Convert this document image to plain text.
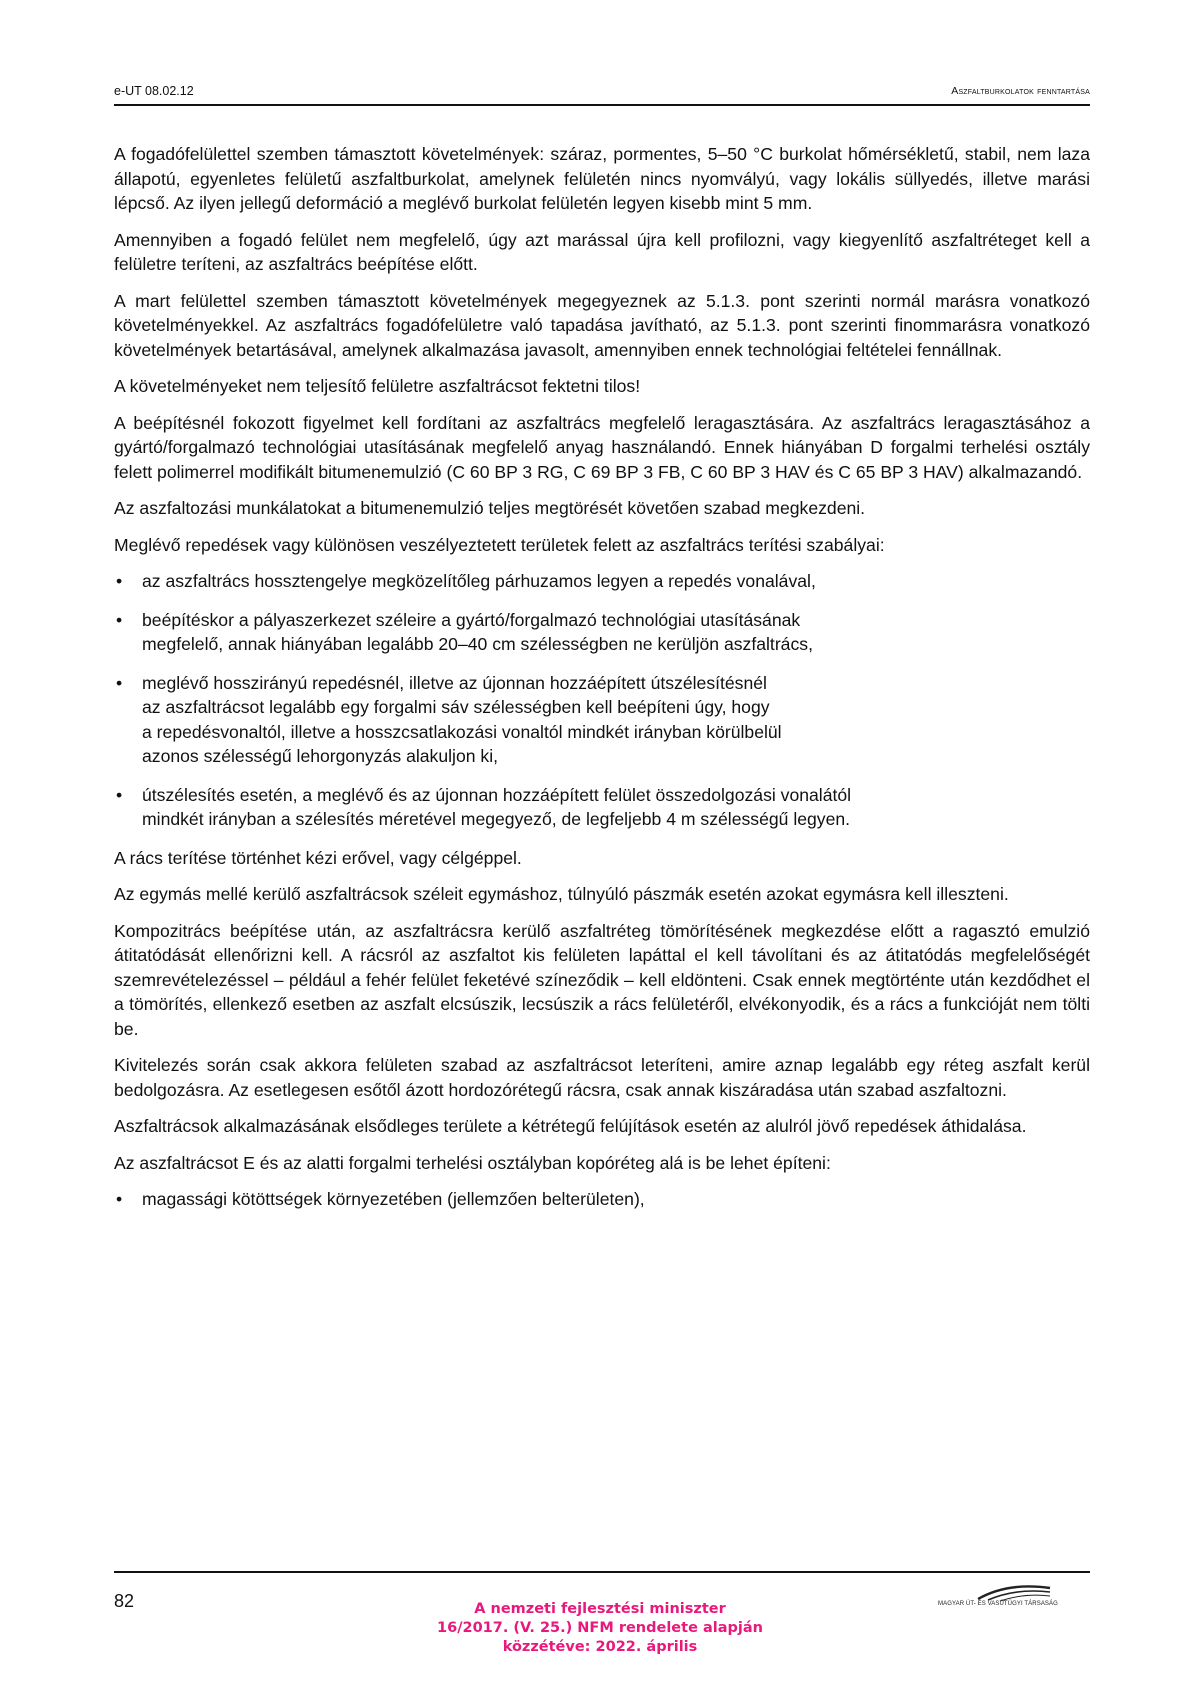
e-UT 08.02.12	Aszfaltburkolatok fenntartása

A fogadófelülettel szemben támasztott követelmények: száraz, pormentes, 5–50 °C burkolat hőmérsékletű, stabil, nem laza állapotú, egyenletes felületű aszfaltburkolat, amelynek felületén nincs nyomvályú, vagy lokális süllyedés, illetve marási lépcső. Az ilyen jellegű deformáció a meglévő burkolat felületén legyen kisebb mint 5 mm.

Amennyiben a fogadó felület nem megfelelő, úgy azt marással újra kell profilozni, vagy kiegyenlítő aszfaltréteget kell a felületre teríteni, az aszfaltrács beépítése előtt.

A mart felülettel szemben támasztott követelmények megegyeznek az 5.1.3. pont szerinti normál marásra vonatkozó követelményekkel. Az aszfaltrács fogadófelületre való tapadása javítható, az 5.1.3. pont szerinti finommarásra vonatkozó követelmények betartásával, amelynek alkalmazása javasolt, amennyiben ennek technológiai feltételei fennállnak.

A követelményeket nem teljesítő felületre aszfaltrácsot fektetni tilos!

A beépítésnél fokozott figyelmet kell fordítani az aszfaltrács megfelelő leragasztására. Az aszfaltrács leragasztásához a gyártó/forgalmazó technológiai utasításának megfelelő anyag használandó. Ennek hiányában D forgalmi terhelési osztály felett polimerrel modifikált bitumenemulzió (C 60 BP 3 RG, C 69 BP 3 FB, C 60 BP 3 HAV és C 65 BP 3 HAV) alkalmazandó.

Az aszfaltozási munkálatokat a bitumenemulzió teljes megtörését követően szabad megkezdeni.

Meglévő repedések vagy különösen veszélyeztetett területek felett az aszfaltrács terítési szabályai:

• az aszfaltrács hossztengelye megközelítőleg párhuzamos legyen a repedés vonalával,
• beépítéskor a pályaszerkezet széleire a gyártó/forgalmazó technológiai utasításának
megfelelő, annak hiányában legalább 20–40 cm szélességben ne kerüljön aszfaltrács,
• meglévő hosszirányú repedésnél, illetve az újonnan hozzáépített útszélesítésnél
az aszfaltrácsot legalább egy forgalmi sáv szélességben kell beépíteni úgy, hogy
a repedésvonaltól, illetve a hosszcsatlakozási vonaltól mindkét irányban körülbelül
azonos szélességű lehorgonyzás alakuljon ki,
• útszélesítés esetén, a meglévő és az újonnan hozzáépített felület összedolgozási vonalától
mindkét irányban a szélesítés méretével megegyező, de legfeljebb 4 m szélességű legyen.

A rács terítése történhet kézi erővel, vagy célgéppel.

Az egymás mellé kerülő aszfaltrácsok széleit egymáshoz, túlnyúló pászmák esetén azokat egymásra kell illeszteni.

Kompozitrács beépítése után, az aszfaltrácsra kerülő aszfaltréteg tömörítésének megkezdése előtt a ragasztó emulzió átitatódását ellenőrizni kell. A rácsról az aszfaltot kis felületen lapáttal el kell távolítani és az átitatódás megfelelőségét szemrevételezéssel – például a fehér felület feketévé színeződik – kell eldönteni. Csak ennek megtörténte után kezdődhet el a tömörítés, ellenkező esetben az aszfalt elcsúszik, lecsúszik a rács felületéről, elvékonyodik, és a rács a funkcióját nem tölti be.

Kivitelezés során csak akkora felületen szabad az aszfaltrácsot leteríteni, amire aznap legalább egy réteg aszfalt kerül bedolgozásra. Az esetlegesen esőtől ázott hordozórétegű rácsra, csak annak kiszáradása után szabad aszfaltozni.

Aszfaltrácsok alkalmazásának elsődleges területe a kétrétegű felújítások esetén az alulról jövő repedések áthidalása.

Az aszfaltrácsot E és az alatti forgalmi terhelési osztályban kopóréteg alá is be lehet építeni:

• magassági kötöttségek környezetében (jellemzően belterületen),
82	A nemzeti fejlesztési miniszter
16/2017. (V. 25.) NFM rendelete alapján
közzétéve: 2022. április
MAGYAR ÚT- ÉS VASÚTÜGYI TÁRSASÁG
